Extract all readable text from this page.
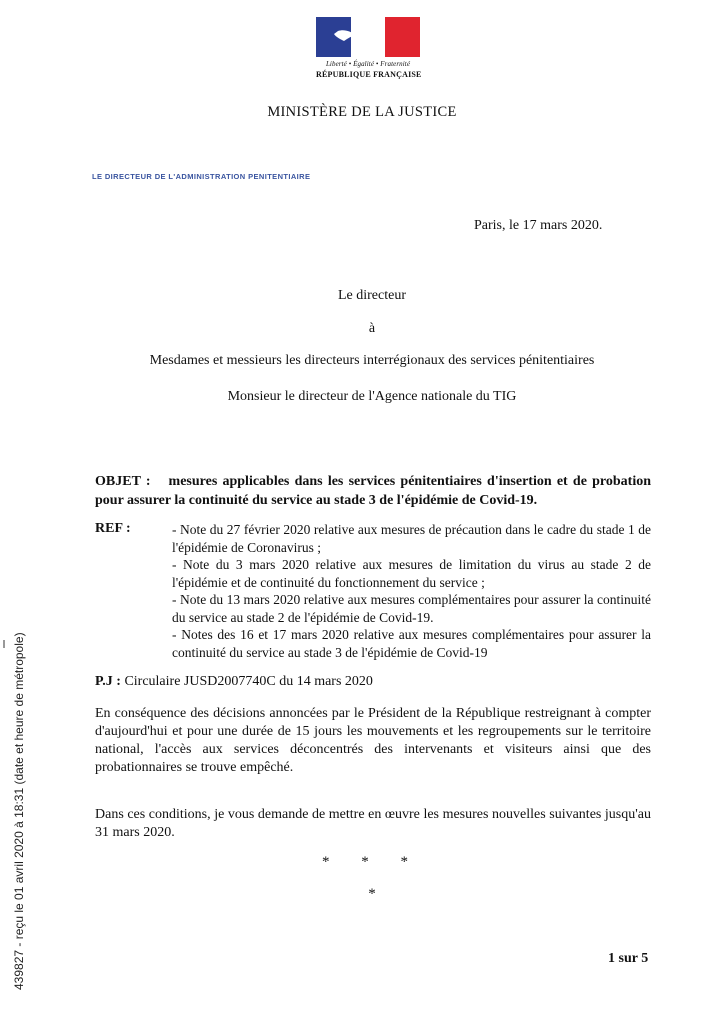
Liberté • Égalité • Fraternité
RÉPUBLIQUE FRANÇAISE
MINISTÈRE DE LA JUSTICE
LE DIRECTEUR DE L'ADMINISTRATION PENITENTIAIRE
Paris, le 17 mars 2020.
Le directeur
à
Mesdames et messieurs les directeurs interrégionaux des services pénitentiaires
Monsieur le directeur de l'Agence nationale du TIG
OBJET : mesures applicables dans les services pénitentiaires d'insertion et de probation pour assurer la continuité du service au stade 3 de l'épidémie de Covid-19.
REF :	- Note du 27 février 2020 relative aux mesures de précaution dans le cadre du stade 1 de l'épidémie de Coronavirus ;
- Note du 3 mars 2020 relative aux mesures de limitation du virus au stade 2 de l'épidémie et de continuité du fonctionnement du service ;
- Note du 13 mars 2020 relative aux mesures complémentaires pour assurer la continuité du service au stade 2 de l'épidémie de Covid-19.
- Notes des 16 et 17 mars 2020 relative aux mesures complémentaires pour assurer la continuité du service au stade 3 de l'épidémie de Covid-19
P.J : Circulaire JUSD2007740C du 14 mars 2020
En conséquence des décisions annoncées par le Président de la République restreignant à compter d'aujourd'hui et pour une durée de 15 jours les mouvements et les regroupements sur le territoire national, l'accès aux services déconcentrés des intervenants et visiteurs ainsi que des probationnaires se trouve empêché.
Dans ces conditions, je vous demande de mettre en œuvre les mesures nouvelles suivantes jusqu'au 31 mars 2020.
* * *
*
1 sur 5
439827 - reçu le 01 avril 2020 à 18:31 (date et heure de métropole)
